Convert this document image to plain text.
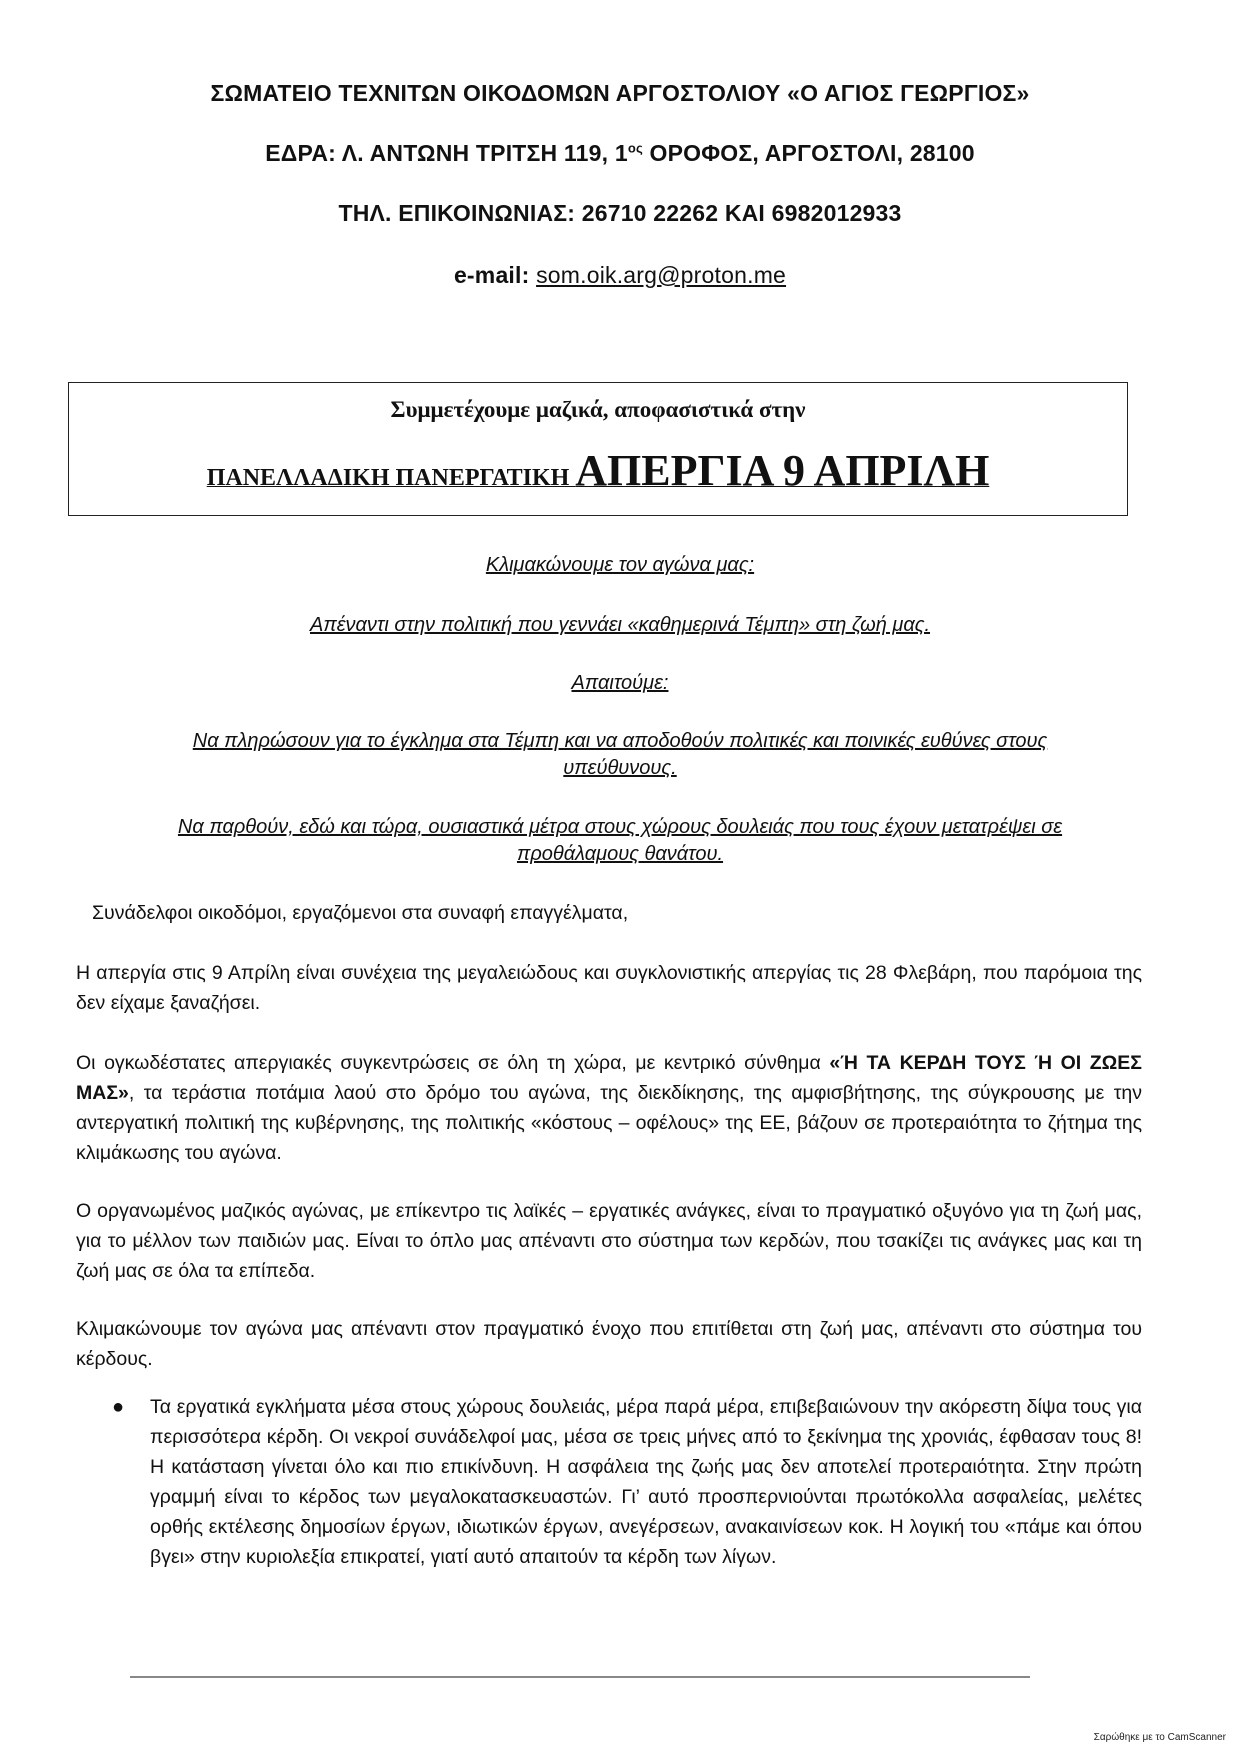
ΣΩΜΑΤΕΙΟ ΤΕΧΝΙΤΩΝ ΟΙΚΟΔΟΜΩΝ ΑΡΓΟΣΤΟΛΙΟΥ «Ο ΑΓΙΟΣ ΓΕΩΡΓΙΟΣ»
ΕΔΡΑ: Λ. ΑΝΤΩΝΗ ΤΡΙΤΣΗ 119, $1^{o\varsigma}$ ΟΡΟΦΟΣ, ΑΡΓΟΣΤΟΛΙ, 28100
ΤΗΛ. ΕΠΙΚΟΙΝΩΝΙΑΣ: 26710 22262 ΚΑΙ 6982012933
e-mail: som.oik.arg@proton.me
Συμμετέχουμε μαζικά, αποφασιστικά στην
ΠΑΝΕΛΛΑΔΙΚΗ ΠΑΝΕΡΓΑΤΙΚΗ ΑΠΕΡΓΙΑ 9 ΑΠΡΙΛΗ
Κλιμακώνουμε τον αγώνα μας:
Απέναντι στην πολιτική που γεννάει «καθημερινά Τέμπη» στη ζωή μας.
Απαιτούμε:
Να πληρώσουν για το έγκλημα στα Τέμπη και να αποδοθούν πολιτικές και ποινικές ευθύνες στους
υπεύθυνους.
Να παρθούν, εδώ και τώρα, ουσιαστικά μέτρα στους χώρους δουλειάς που τους έχουν μετατρέψει σε
προθάλαμους θανάτου.
Συνάδελφοι οικοδόμοι, εργαζόμενοι στα συναφή επαγγέλματα,
Η απεργία στις 9 Απρίλη είναι συνέχεια της μεγαλειώδους και συγκλονιστικής απεργίας τις 28 Φλεβάρη, που παρόμοια της δεν είχαμε ξαναζήσει.
Οι ογκωδέστατες απεργιακές συγκεντρώσεις σε όλη τη χώρα, με κεντρικό σύνθημα «Ή ΤΑ ΚΕΡΔΗ ΤΟΥΣ Ή ΟΙ ΖΩΕΣ ΜΑΣ», τα τεράστια ποτάμια λαού στο δρόμο του αγώνα, της διεκδίκησης, της αμφισβήτησης, της σύγκρουσης με την αντεργατική πολιτική της κυβέρνησης, της πολιτικής «κόστους – οφέλους» της ΕΕ, βάζουν σε προτεραιότητα το ζήτημα της κλιμάκωσης του αγώνα.
Ο οργανωμένος μαζικός αγώνας, με επίκεντρο τις λαϊκές – εργατικές ανάγκες, είναι το πραγματικό οξυγόνο για τη ζωή μας, για το μέλλον των παιδιών μας. Είναι το όπλο μας απέναντι στο σύστημα των κερδών, που τσακίζει τις ανάγκες μας και τη ζωή μας σε όλα τα επίπεδα.
Κλιμακώνουμε τον αγώνα μας απέναντι στον πραγματικό ένοχο που επιτίθεται στη ζωή μας, απέναντι στο σύστημα του κέρδους.
● Τα εργατικά εγκλήματα μέσα στους χώρους δουλειάς, μέρα παρά μέρα, επιβεβαιώνουν την ακόρεστη δίψα τους για περισσότερα κέρδη. Οι νεκροί συνάδελφοί μας, μέσα σε τρεις μήνες από το ξεκίνημα της χρονιάς, έφθασαν τους 8! Η κατάσταση γίνεται όλο και πιο επικίνδυνη. Η ασφάλεια της ζωής μας δεν αποτελεί προτεραιότητα. Στην πρώτη γραμμή είναι το κέρδος των μεγαλοκατασκευαστών. Γι’ αυτό προσπερνιούνται πρωτόκολλα ασφαλείας, μελέτες ορθής εκτέλεσης δημοσίων έργων, ιδιωτικών έργων, ανεγέρσεων, ανακαινίσεων κοκ. Η λογική του «πάμε και όπου βγει» στην κυριολεξία επικρατεί, γιατί αυτό απαιτούν τα κέρδη των λίγων.
Σαρώθηκε με το CamScanner
